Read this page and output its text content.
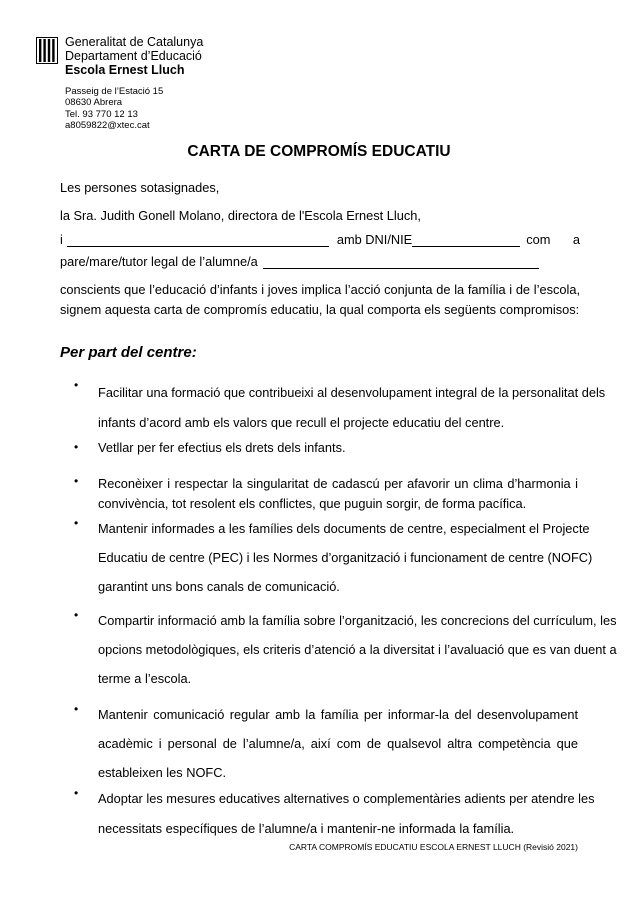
Generalitat de Catalunya
Departament d’Educació
Escola Ernest Lluch
Passeig de l’Estació 15
08630 Abrera
Tel. 93 770 12 13
a8059822@xtec.cat
CARTA DE COMPROMÍS EDUCATIU
Les persones sotasignades,
la Sra. Judith Gonell Molano, directora de l'Escola Ernest Lluch,
i	amb DNI/NIE	com a
pare/mare/tutor legal de l’alumne/a
conscients que l’educació d’infants i joves implica l’acció conjunta de la família i de l’escola,
signem aquesta carta de compromís educatiu, la qual comporta els següents compromisos:
Per part del centre:
• Facilitar una formació que contribueixi al desenvolupament integral de la personalitat dels
infants d’acord amb els valors que recull el projecte educatiu del centre.
• Vetllar per fer efectius els drets dels infants.
• Reconèixer i respectar la singularitat de cadascú per afavorir un clima d’harmonia i
convivència, tot resolent els conflictes, que puguin sorgir, de forma pacífica.
• Mantenir informades a les famílies dels documents de centre, especialment el Projecte
Educatiu de centre (PEC) i les Normes d’organització i funcionament de centre (NOFC)
garantint uns bons canals de comunicació.
• Compartir informació amb la família sobre l’organització, les concrecions del currículum, les
opcions metodològiques, els criteris d’atenció a la diversitat i l’avaluació que es van duent a
terme a l’escola.
• Mantenir comunicació regular amb la família per informar-la del desenvolupament
acadèmic i personal de l’alumne/a, així com de qualsevol altra competència que
estableixen les NOFC.
• Adoptar les mesures educatives alternatives o complementàries adients per atendre les
necessitats específiques de l’alumne/a i mantenir-ne informada la família.
CARTA COMPROMÍS EDUCATIU ESCOLA ERNEST LLUCH (Revisió 2021)
